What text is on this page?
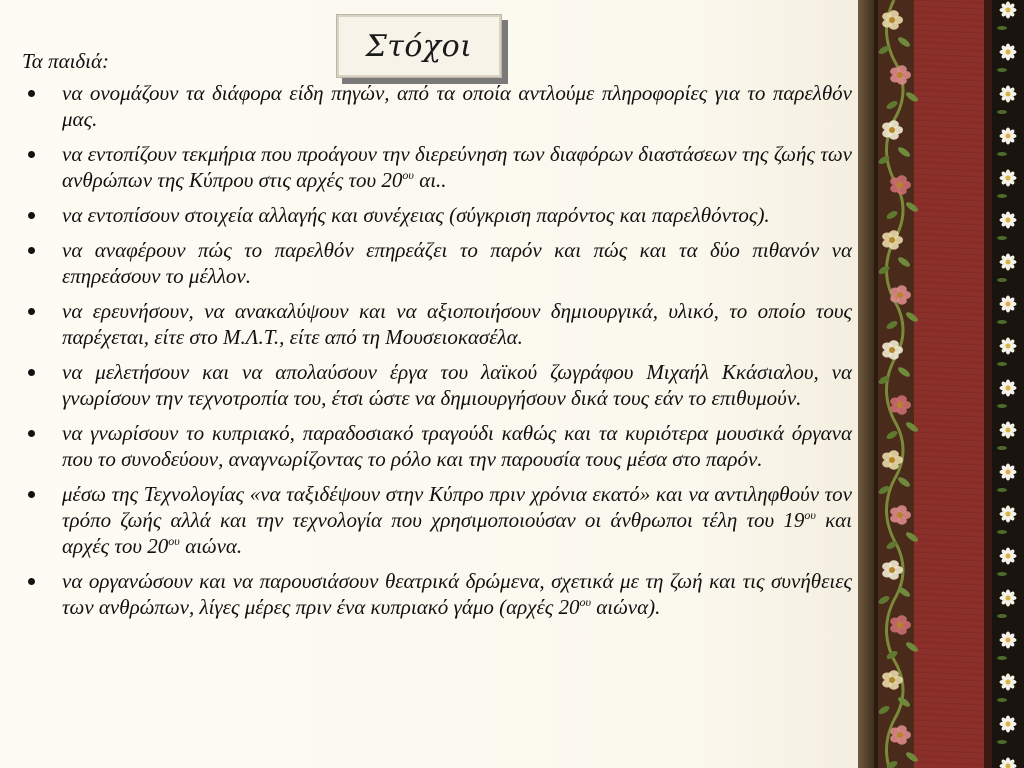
Στόχοι

Τα παιδιά:

να ονομάζουν τα διάφορα είδη πηγών, από τα οποία αντλούμε πληροφορίες για το παρελθόν μας.
να εντοπίζουν τεκμήρια που προάγουν την διερεύνηση των διαφόρων διαστάσεων της ζωής των ανθρώπων της Κύπρου στις αρχές του $20^{o\upsilon}$ αι..
να εντοπίσουν στοιχεία αλλαγής και συνέχειας (σύγκριση παρόντος και παρελθόντος).
να αναφέρουν πώς το παρελθόν επηρεάζει το παρόν και πώς και τα δύο πιθανόν να επηρεάσουν το μέλλον.
να ερευνήσουν, να ανακαλύψουν και να αξιοποιήσουν δημιουργικά, υλικό, το οποίο τους παρέχεται, είτε στο Μ.Λ.Τ., είτε από τη Μουσειοκασέλα.
να μελετήσουν και να απολαύσουν έργα του λαϊκού ζωγράφου Μιχαήλ Κκάσιαλου, να γνωρίσουν την τεχνοτροπία του, έτσι ώστε να δημιουργήσουν δικά τους εάν το επιθυμούν.
να γνωρίσουν το κυπριακό, παραδοσιακό τραγούδι καθώς και τα κυριότερα μουσικά όργανα που το συνοδεύουν, αναγνωρίζοντας το ρόλο και την παρουσία τους μέσα στο παρόν.
μέσω της Τεχνολογίας «να ταξιδέψουν στην Κύπρο πριν χρόνια εκατό» και να αντιληφθούν τον τρόπο ζωής αλλά και την τεχνολογία που χρησιμοποιούσαν οι άνθρωποι τέλη του $19^{o\upsilon}$ και αρχές του $20^{o\upsilon}$ αιώνα.
να οργανώσουν και να παρουσιάσουν θεατρικά δρώμενα, σχετικά με τη ζωή και τις συνήθειες των ανθρώπων, λίγες μέρες πριν ένα κυπριακό γάμο (αρχές $20^{o\upsilon}$ αιώνα).
